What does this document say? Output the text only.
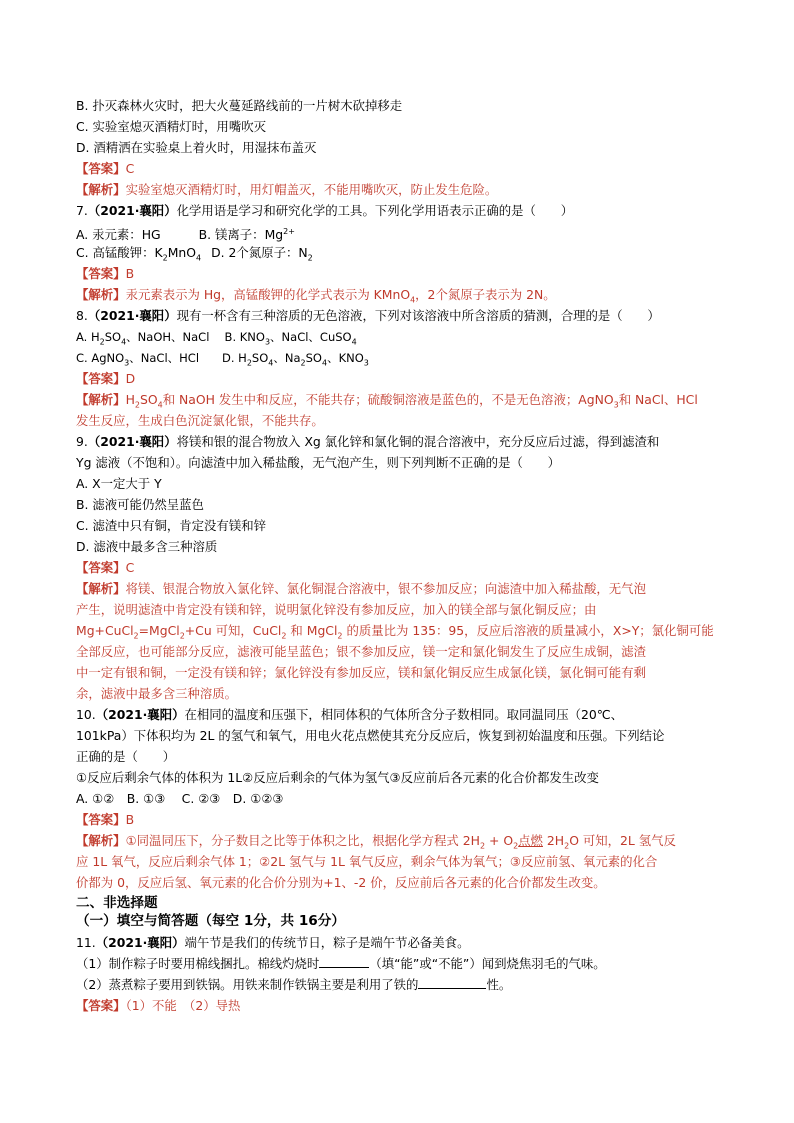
B. 扑灭森林火灾时，把大火蔓延路线前的一片树木砍掉移走
C. 实验室熄灭酒精灯时，用嘴吹灭
D. 酒精洒在实验桌上着火时，用湿抹布盖灭
【答案】C
【解析】实验室熄灭酒精灯时，用灯帽盖灭，不能用嘴吹灭，防止发生危险。
7.（2021·襄阳）化学用语是学习和研究化学的工具。下列化学用语表示正确的是（　　）
A. 汞元素：HG	B. 镁离子：$Mg^{2+}$
C. 高锰酸钾：$K_2MnO_4$ D. 2个氮原子：$N_2$
【答案】B
【解析】汞元素表示为 Hg，高锰酸钾的化学式表示为 KMnO$_4$，2个氮原子表示为 2N。
8.（2021·襄阳）现有一杯含有三种溶质的无色溶液，下列对该溶液中所含溶质的猜测，合理的是（　　）
A. $H_2SO_4$、NaOH、NaCl　 B. $KNO_3$、NaCl、CuSO$_4$
C. AgNO$_3$、NaCl、HCl　　D. $H_2SO_4$、$Na_2SO_4$、$KNO_3$
【答案】D
【解析】$H_2SO_4$和 NaOH 发生中和反应，不能共存；硫酸铜溶液是蓝色的，不是无色溶液；AgNO$_3$和 NaCl、HCl
发生反应，生成白色沉淀氯化银，不能共存。
9.（2021·襄阳）将镁和银的混合物放入 Xg 氯化锌和氯化铜的混合溶液中，充分反应后过滤，得到滤渣和
Yg 滤液（不饱和）。向滤渣中加入稀盐酸，无气泡产生，则下列判断不正确的是（　　）
A. X一定大于 Y
B. 滤液可能仍然呈蓝色
C. 滤渣中只有铜，肯定没有镁和锌
D. 滤液中最多含三种溶质
【答案】C
【解析】将镁、银混合物放入氯化锌、氯化铜混合溶液中，银不参加反应；向滤渣中加入稀盐酸，无气泡
产生，说明滤渣中肯定没有镁和锌，说明氯化锌没有参加反应，加入的镁全部与氯化铜反应；由
Mg+CuCl$_2$=MgCl$_2$+Cu 可知，CuCl$_2$ 和 MgCl$_2$ 的质量比为 135：95，反应后溶液的质量减小，X>Y；氯化铜可能
全部反应，也可能部分反应，滤液可能呈蓝色；银不参加反应，镁一定和氯化铜发生了反应生成铜，滤渣
中一定有银和铜，一定没有镁和锌；氯化锌没有参加反应，镁和氯化铜反应生成氯化镁，氯化铜可能有剩
余，滤液中最多含三种溶质。
10.（2021·襄阳）在相同的温度和压强下，相同体积的气体所含分子数相同。取同温同压（20℃、
101kPa）下体积均为 2L 的氢气和氧气，用电火花点燃使其充分反应后，恢复到初始温度和压强。下列结论
正确的是（　　）
①反应后剩余气体的体积为 1L②反应后剩余的气体为氢气③反应前后各元素的化合价都发生改变
A. ①②　B. ①③　 C. ②③　D. ①②③
【答案】B
【解析】①同温同压下，分子数目之比等于体积之比，根据化学方程式 $2H_2 + O_2$点燃 $2H_2O$ 可知，2L 氢气反
应 1L 氧气，反应后剩余气体 1；②2L 氢气与 1L 氧气反应，剩余气体为氧气；③反应前氢、氧元素的化合
价都为 0，反应后氢、氧元素的化合价分别为+1、-2 价，反应前后各元素的化合价都发生改变。
二、非选择题
（一）填空与简答题（每空 1分，共 16分）
11.（2021·襄阳）端午节是我们的传统节日，粽子是端午节必备美食。
（1）制作粽子时要用棉线捆扎。棉线灼烧时	（填“能”或“不能”）闻到烧焦羽毛的气味。
（2）蒸煮粽子要用到铁锅。用铁来制作铁锅主要是利用了铁的	性。
【答案】（1）不能　（2）导热
